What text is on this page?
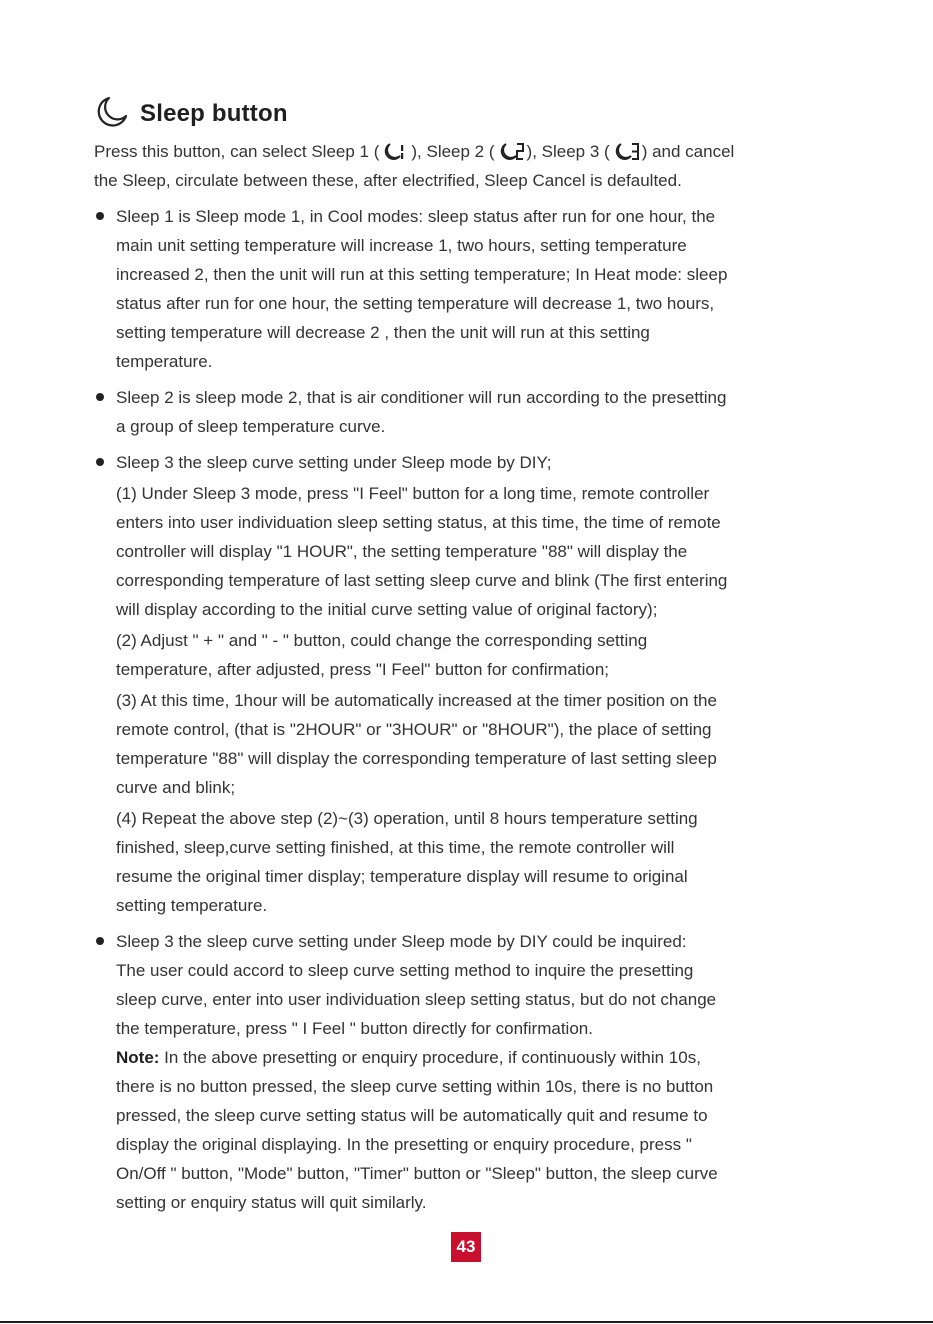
Sleep button
Press this button, can select Sleep 1 ( ), Sleep 2 ( ), Sleep 3 ( ) and cancel
the Sleep, circulate between these, after electrified, Sleep Cancel is defaulted.
Sleep 1 is Sleep mode 1, in Cool modes: sleep status after run for one hour, the
main unit setting temperature will increase 1, two hours, setting temperature
increased 2, then the unit will run at this setting temperature; In Heat mode: sleep
status after run for one hour, the setting temperature will decrease 1, two hours,
setting temperature will decrease 2 , then the unit will run at this setting
temperature.
Sleep 2 is sleep mode 2, that is air conditioner will run according to the presetting
a group of sleep temperature curve.
Sleep 3 the sleep curve setting under Sleep mode by DIY;
(1) Under Sleep 3 mode, press "I Feel" button for a long time, remote controller
enters into user individuation sleep setting status, at this time, the time of remote
controller will display "1 HOUR", the setting temperature "88" will display the
corresponding temperature of last setting sleep curve and blink (The first entering
will display according to the initial curve setting value of original factory);
(2) Adjust " + " and " - " button, could change the corresponding setting
temperature, after adjusted, press "I Feel" button for confirmation;
(3) At this time, 1hour will be automatically increased at the timer position on the
remote control, (that is "2HOUR" or "3HOUR" or "8HOUR"), the place of setting
temperature "88" will display the corresponding temperature of last setting sleep
curve and blink;
(4) Repeat the above step (2)~(3) operation, until 8 hours temperature setting
finished, sleep,curve setting finished, at this time, the remote controller will
resume the original timer display; temperature display will resume to original
setting temperature.
Sleep 3 the sleep curve setting under Sleep mode by DIY could be inquired:
The user could accord to sleep curve setting method to inquire the presetting
sleep curve, enter into user individuation sleep setting status, but do not change
the temperature, press " I Feel " button directly for confirmation.
Note: In the above presetting or enquiry procedure, if continuously within 10s,
there is no button pressed, the sleep curve setting within 10s, there is no button
pressed, the sleep curve setting status will be automatically quit and resume to
display the original displaying. In the presetting or enquiry procedure, press "
On/Off " button, "Mode" button, "Timer" button or "Sleep" button, the sleep curve
setting or enquiry status will quit similarly.
43
